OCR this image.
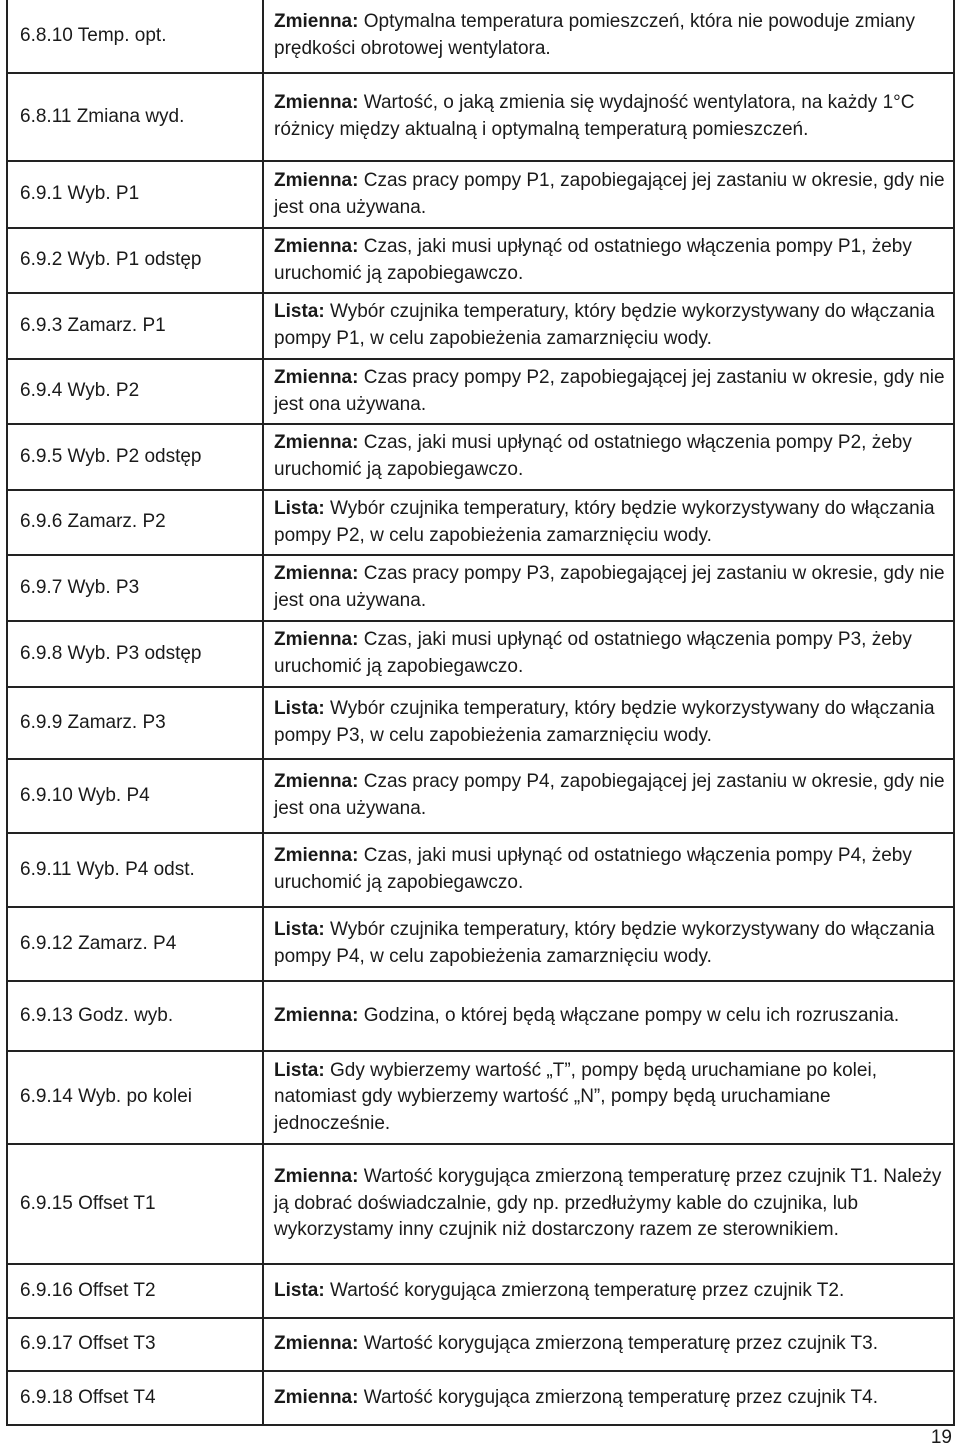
6.8.10 Temp. opt.	Zmienna: Optymalna temperatura pomieszczeń, która nie powoduje zmiany prędkości obrotowej wentylatora.
6.8.11 Zmiana wyd.	Zmienna: Wartość, o jaką zmienia się wydajność wentylatora, na każdy 1°C różnicy między aktualną i optymalną temperaturą pomieszczeń.
6.9.1 Wyb. P1	Zmienna: Czas pracy pompy P1, zapobiegającej jej zastaniu w okresie, gdy nie jest ona używana.
6.9.2 Wyb. P1 odstęp	Zmienna: Czas, jaki musi upłynąć od ostatniego włączenia pompy P1, żeby uruchomić ją zapobiegawczo.
6.9.3 Zamarz. P1	Lista: Wybór czujnika temperatury, który będzie wykorzystywany do włączania pompy P1, w celu zapobieżenia zamarznięciu wody.
6.9.4 Wyb. P2	Zmienna: Czas pracy pompy P2, zapobiegającej jej zastaniu w okresie, gdy nie jest ona używana.
6.9.5 Wyb. P2 odstęp	Zmienna: Czas, jaki musi upłynąć od ostatniego włączenia pompy P2, żeby uruchomić ją zapobiegawczo.
6.9.6 Zamarz. P2	Lista: Wybór czujnika temperatury, który będzie wykorzystywany do włączania pompy P2, w celu zapobieżenia zamarznięciu wody.
6.9.7 Wyb. P3	Zmienna: Czas pracy pompy P3, zapobiegającej jej zastaniu w okresie, gdy nie jest ona używana.
6.9.8 Wyb. P3 odstęp	Zmienna: Czas, jaki musi upłynąć od ostatniego włączenia pompy P3, żeby uruchomić ją zapobiegawczo.
6.9.9 Zamarz. P3	Lista: Wybór czujnika temperatury, który będzie wykorzystywany do włączania pompy P3, w celu zapobieżenia zamarznięciu wody.
6.9.10 Wyb. P4	Zmienna: Czas pracy pompy P4, zapobiegającej jej zastaniu w okresie, gdy nie jest ona używana.
6.9.11 Wyb. P4 odst.	Zmienna: Czas, jaki musi upłynąć od ostatniego włączenia pompy P4, żeby uruchomić ją zapobiegawczo.
6.9.12 Zamarz. P4	Lista: Wybór czujnika temperatury, który będzie wykorzystywany do włączania pompy P4, w celu zapobieżenia zamarznięciu wody.
6.9.13 Godz. wyb.	Zmienna: Godzina, o której będą włączane pompy w celu ich rozruszania.
6.9.14 Wyb. po kolei	Lista: Gdy wybierzemy wartość „T”, pompy będą uruchamiane po kolei, natomiast gdy wybierzemy wartość „N”, pompy będą uruchamiane jednocześnie.
6.9.15 Offset T1	Zmienna: Wartość korygująca zmierzoną temperaturę przez czujnik T1. Należy ją dobrać doświadczalnie, gdy np. przedłużymy kable do czujnika, lub wykorzystamy inny czujnik niż dostarczony razem ze sterownikiem.
6.9.16 Offset T2	Lista: Wartość korygująca zmierzoną temperaturę przez czujnik T2.
6.9.17 Offset T3	Zmienna: Wartość korygująca zmierzoną temperaturę przez czujnik T3.
6.9.18 Offset T4	Zmienna: Wartość korygująca zmierzoną temperaturę przez czujnik T4.
19
